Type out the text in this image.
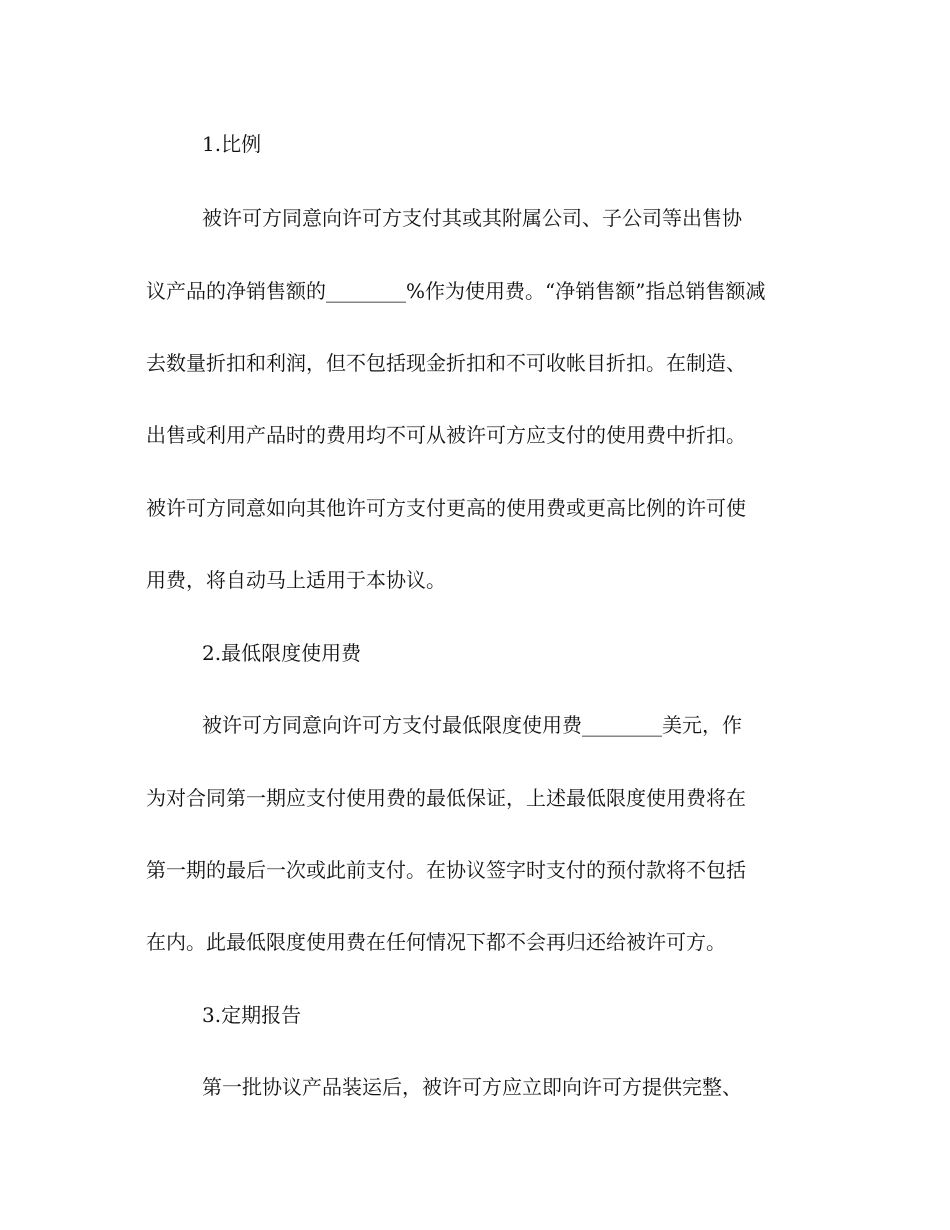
1.比例
被许可方同意向许可方支付其或其附属公司、子公司等出售协
议产品的净销售额的________%作为使用费。“净销售额”指总销售额减
去数量折扣和利润，但不包括现金折扣和不可收帐目折扣。在制造、
出售或利用产品时的费用均不可从被许可方应支付的使用费中折扣。
被许可方同意如向其他许可方支付更高的使用费或更高比例的许可使
用费，将自动马上适用于本协议。
2.最低限度使用费
被许可方同意向许可方支付最低限度使用费________美元，作
为对合同第一期应支付使用费的最低保证，上述最低限度使用费将在
第一期的最后一次或此前支付。在协议签字时支付的预付款将不包括
在内。此最低限度使用费在任何情况下都不会再归还给被许可方。
3.定期报告
第一批协议产品装运后，被许可方应立即向许可方提供完整、
